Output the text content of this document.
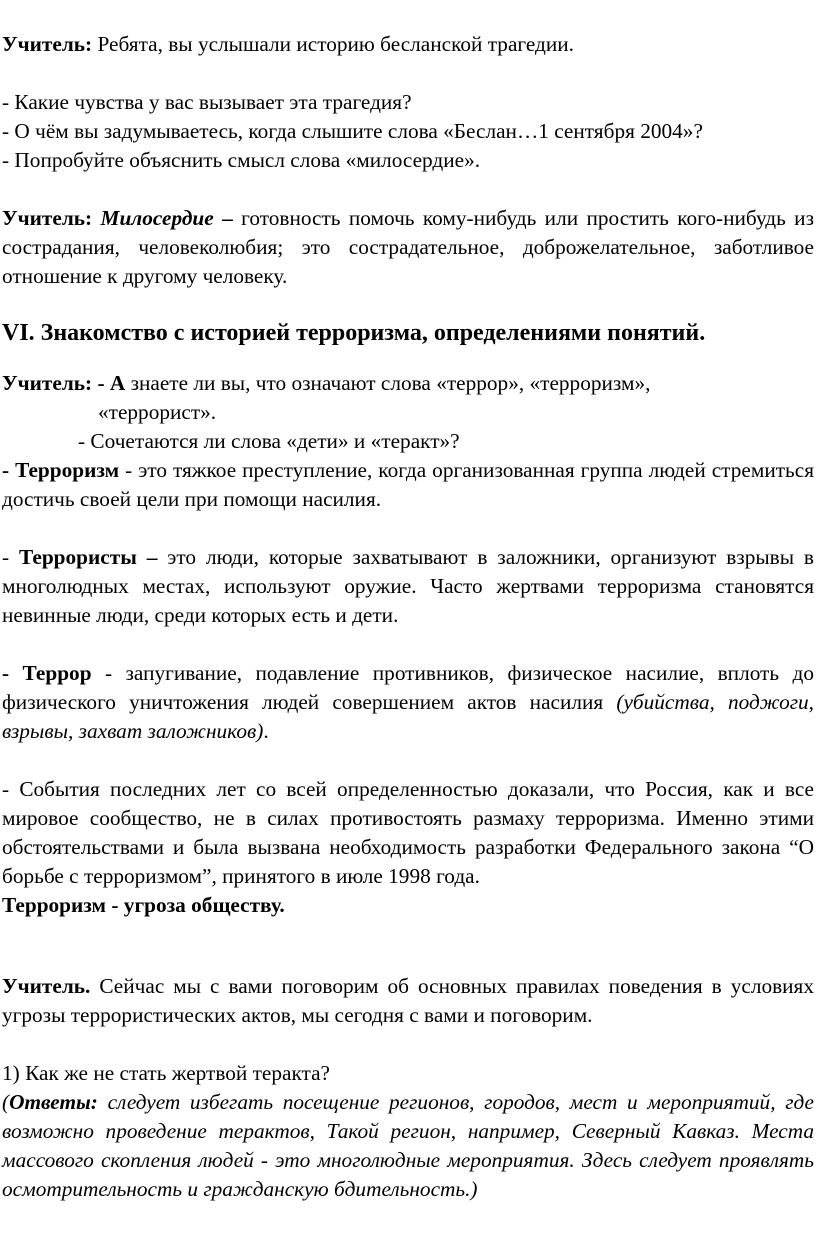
Учитель: Ребята, вы услышали историю бесланской трагедии.

- Какие чувства у вас вызывает эта трагедия?

- О чём вы задумываетесь, когда слышите слова «Беслан…1 сентября 2004»?

- Попробуйте объяснить смысл слова «милосердие».

Учитель: Милосердие – готовность помочь кому-нибудь или простить кого-нибудь из сострадания, человеколюбия; это сострадательное, доброжелательное, заботливое отношение к другому человеку.

VI. Знакомство с историей терроризма, определениями понятий.

Учитель: - А знаете ли вы, что означают слова «террор», «терроризм»,

«террорист».

- Сочетаются ли слова «дети» и «теракт»?

- Терроризм - это тяжкое преступление, когда организованная группа людей стремиться достичь своей цели при помощи насилия.

- Террористы – это люди, которые захватывают в заложники, организуют взрывы в многолюдных местах, используют оружие. Часто жертвами терроризма становятся невинные люди, среди которых есть и дети.

- Террор - запугивание, подавление противников, физическое насилие, вплоть до физического уничтожения людей совершением актов насилия (убийства, поджоги, взрывы, захват заложников).

- События последних лет со всей определенностью доказали, что Россия, как и все мировое сообщество, не в силах противостоять размаху терроризма. Именно этими обстоятельствами и была вызвана необходимость разработки Федерального закона “О борьбе с терроризмом”, принятого в июле 1998 года.

Терроризм - угроза обществу.

Учитель. Сейчас мы с вами поговорим об основных правилах поведения в условиях угрозы террористических актов, мы сегодня с вами и поговорим.

1) Как же не стать жертвой теракта?

(Ответы: следует избегать посещение регионов, городов, мест и мероприятий, где возможно проведение терактов, Такой регион, например, Северный Кавказ. Места массового скопления людей - это многолюдные мероприятия. Здесь следует проявлять осмотрительность и гражданскую бдительность.)
